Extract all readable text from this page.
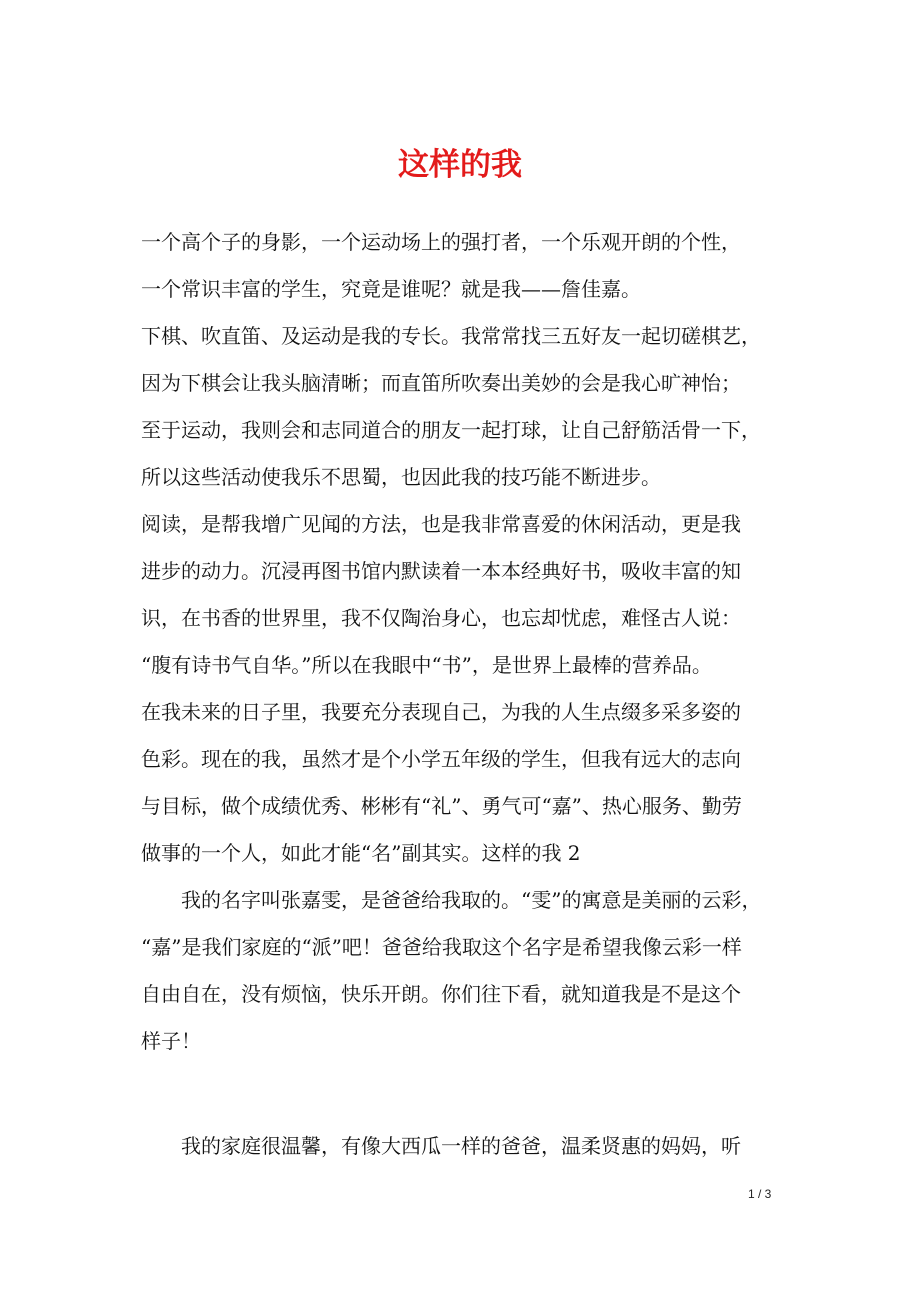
这样的我
一个高个子的身影，一个运动场上的强打者，一个乐观开朗的个性，
一个常识丰富的学生，究竟是谁呢？就是我——詹佳嘉。
下棋、吹直笛、及运动是我的专长。我常常找三五好友一起切磋棋艺，
因为下棋会让我头脑清晰；而直笛所吹奏出美妙的会是我心旷神怡；
至于运动，我则会和志同道合的朋友一起打球，让自己舒筋活骨一下，
所以这些活动使我乐不思蜀，也因此我的技巧能不断进步。
阅读，是帮我增广见闻的方法，也是我非常喜爱的休闲活动，更是我
进步的动力。沉浸再图书馆内默读着一本本经典好书，吸收丰富的知
识，在书香的世界里，我不仅陶治身心，也忘却忧虑，难怪古人说：
“腹有诗书气自华。”所以在我眼中“书”，是世界上最棒的营养品。
在我未来的日子里，我要充分表现自己，为我的人生点缀多采多姿的
色彩。现在的我，虽然才是个小学五年级的学生，但我有远大的志向
与目标，做个成绩优秀、彬彬有“礼”、勇气可“嘉”、热心服务、勤劳
做事的一个人，如此才能“名”副其实。这样的我 2
我的名字叫张嘉雯，是爸爸给我取的。“雯”的寓意是美丽的云彩，
“嘉”是我们家庭的“派”吧！爸爸给我取这个名字是希望我像云彩一样
自由自在，没有烦恼，快乐开朗。你们往下看，就知道我是不是这个
样子！
我的家庭很温馨，有像大西瓜一样的爸爸，温柔贤惠的妈妈，听
1 / 3
